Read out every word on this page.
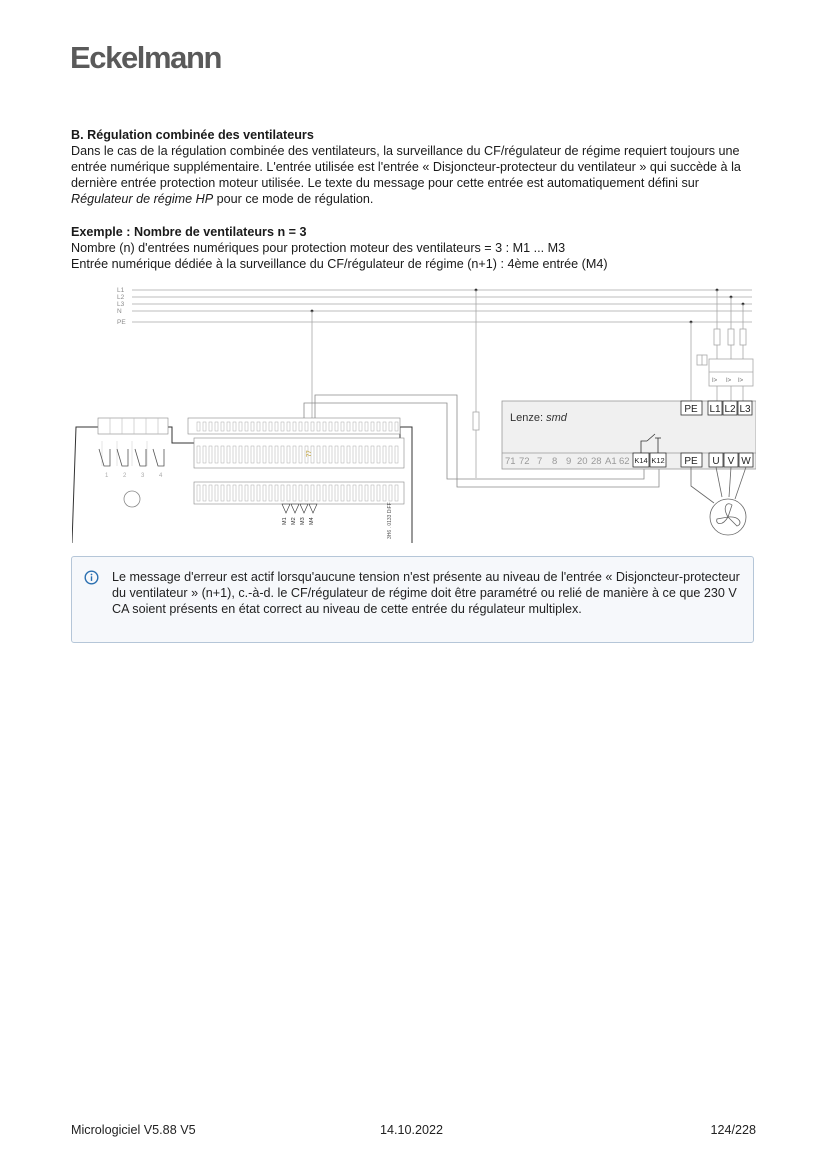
Eckelmann

B. Régulation combinée des ventilateurs

Dans le cas de la régulation combinée des ventilateurs, la surveillance du CF/régulateur de régime requiert toujours une entrée numérique supplémentaire. L'entrée utilisée est l'entrée « Disjoncteur-protecteur du ventilateur » qui succède à la dernière entrée protection moteur utilisée. Le texte du message pour cette entrée est automatiquement défini sur Régulateur de régime HP pour ce mode de régulation.

Exemple : Nombre de ventilateurs n = 3

Nombre (n) d'entrées numériques pour protection moteur des ventilateurs = 3 : M1 ... M3

Entrée numérique dédiée à la surveillance du CF/régulateur de régime (n+1) : 4ème entrée (M4)

L1
L2
L3
N
PE
I> I> I>
Lenze: smd
PE L1 L2 L3
71 72 7 8 9 20 28 A1 62 K14 K12 PE U V W
1 2 3 4
77
M1 M2 M3 M4	3H6 . 0133 DiFF
Le message d'erreur est actif lorsqu'aucune tension n'est présente au niveau de l'entrée « Disjoncteur-protecteur du ventilateur » (n+1), c.-à-d. le CF/régulateur de régime doit être paramétré ou relié de manière à ce que 230 V CA soient présents en état correct au niveau de cette entrée du régulateur multiplex.
Micrologiciel V5.88 V5	14.10.2022	124/228
